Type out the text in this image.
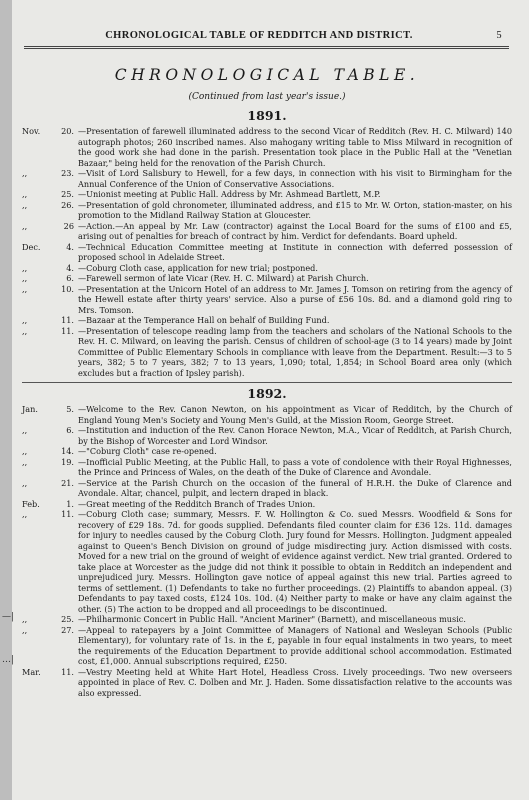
—|
…|
CHRONOLOGICAL TABLE OF REDDITCH AND DISTRICT.	5
CHRONOLOGICAL TABLE.
(Continued from last year's issue.)
1891.
Nov.	20. —Presentation of farewell illuminated address to the second Vicar of Redditch (Rev. H. C. Milward) 140 autograph photos; 260 inscribed names. Also mahogany writing table to Miss Milward in recognition of the good work she had done in the parish. Presentation took place in the Public Hall at the "Venetian Bazaar," being held for the renovation of the Parish Church.
,,	23. —Visit of Lord Salisbury to Hewell, for a few days, in connection with his visit to Birmingham for the Annual Conference of the Union of Conservative Associations.
,,	25. —Unionist meeting at Public Hall. Address by Mr. Ashmead Bartlett, M.P.
,,	26. —Presentation of gold chronometer, illuminated address, and £15 to Mr. W. Orton, station-master, on his promotion to the Midland Railway Station at Gloucester.
,,	26 —Action.—An appeal by Mr. Law (contractor) against the Local Board for the sums of £100 and £5, arising out of penalties for breach of contract by him. Verdict for defendants. Board upheld.
Dec.	4. —Technical Education Committee meeting at Institute in connection with deferred possession of proposed school in Adelaide Street.
,,	4. —Coburg Cloth case, application for new trial; postponed.
,,	6. —Farewell sermon of late Vicar (Rev. H. C. Milward) at Parish Church.
,,	10. —Presentation at the Unicorn Hotel of an address to Mr. James J. Tomson on retiring from the agency of the Hewell estate after thirty years' service. Also a purse of £56 10s. 8d. and a diamond gold ring to Mrs. Tomson.
,,	11. —Bazaar at the Temperance Hall on behalf of Building Fund.
,,	11. —Presentation of telescope reading lamp from the teachers and scholars of the National Schools to the Rev. H. C. Milward, on leaving the parish. Census of children of school-age (3 to 14 years) made by Joint Committee of Public Elementary Schools in compliance with leave from the Department. Result:—3 to 5 years, 382; 5 to 7 years, 382; 7 to 13 years, 1,090; total, 1,854; in School Board area only (which excludes but a fraction of Ipsley parish).
1892.
Jan.	5. —Welcome to the Rev. Canon Newton, on his appointment as Vicar of Redditch, by the Church of England Young Men's Society and Young Men's Guild, at the Mission Room, George Street.
,,	6. —Institution and induction of the Rev. Canon Horace Newton, M.A., Vicar of Redditch, at Parish Church, by the Bishop of Worcester and Lord Windsor.
,,	14. —"Coburg Cloth" case re-opened.
,,	19. —Inofficial Public Meeting, at the Public Hall, to pass a vote of condolence with their Royal Highnesses, the Prince and Princess of Wales, on the death of the Duke of Clarence and Avondale.
,,	21. —Service at the Parish Church on the occasion of the funeral of H.R.H. the Duke of Clarence and Avondale. Altar, chancel, pulpit, and lectern draped in black.
Feb.	1. —Great meeting of the Redditch Branch of Trades Union.
,,	11. —Coburg Cloth case; summary, Messrs. F. W. Hollington & Co. sued Messrs. Woodfield & Sons for recovery of £29 18s. 7d. for goods supplied. Defendants filed counter claim for £36 12s. 11d. damages for injury to needles caused by the Coburg Cloth. Jury found for Messrs. Hollington. Judgment appealed against to Queen's Bench Division on ground of judge misdirecting jury. Action dismissed with costs. Moved for a new trial on the ground of weight of evidence against verdict. New trial granted. Ordered to take place at Worcester as the judge did not think it possible to obtain in Redditch an independent and unprejudiced jury. Messrs. Hollington gave notice of appeal against this new trial. Parties agreed to terms of settlement. (1) Defendants to take no further proceedings. (2) Plaintiffs to abandon appeal. (3) Defendants to pay taxed costs, £124 10s. 10d. (4) Neither party to make or have any claim against the other. (5) The action to be dropped and all proceedings to be discontinued.
,,	25. —Philharmonic Concert in Public Hall. "Ancient Mariner" (Barnett), and miscellaneous music.
,,	27. —Appeal to ratepayers by a Joint Committee of Managers of National and Wesleyan Schools (Public Elementary), for voluntary rate of 1s. in the £, payable in four equal instalments in two years, to meet the requirements of the Education Department to provide additional school accommodation. Estimated cost, £1,000. Annual subscriptions required, £250.
Mar.	11. —Vestry Meeting held at White Hart Hotel, Headless Cross. Lively proceedings. Two new overseers appointed in place of Rev. C. Dolben and Mr. J. Haden. Some dissatisfaction relative to the accounts was also expressed.
